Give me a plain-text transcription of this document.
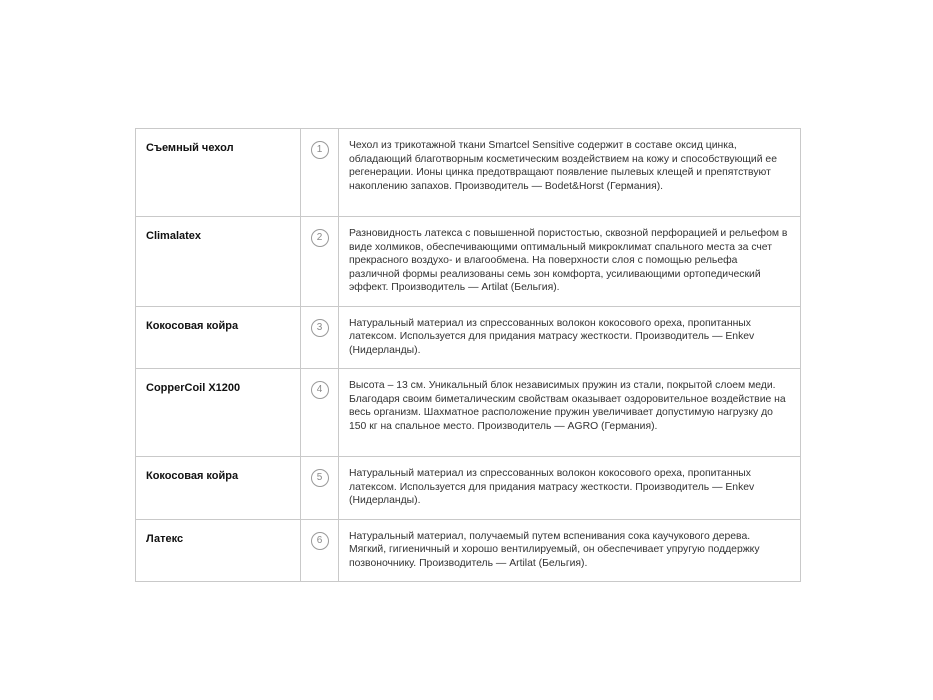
Съемный чехол	1	Чехол из трикотажной ткани Smartcel Sensitive содержит в составе оксид цинка, обладающий благотворным косметическим воздействием на кожу и способствующий ее регенерации. Ионы цинка предотвращают появление пылевых клещей и препятствуют накоплению запахов. Производитель — Bodet&Horst (Германия).
Climalatex	2	Разновидность латекса с повышенной пористостью, сквозной перфорацией и рельефом в виде холмиков, обеспечивающими оптимальный микроклимат спального места за счет прекрасного воздухо- и влагообмена. На поверхности слоя с помощью рельефа различной формы реализованы семь зон комфорта, усиливающими ортопедический эффект. Производитель — Artilat (Бельгия).
Кокосовая койра	3	Натуральный материал из спрессованных волокон кокосового ореха, пропитанных латексом. Используется для придания матрасу жесткости. Производитель — Enkev (Нидерланды).
CopperCoil X1200	4	Высота – 13 см. Уникальный блок независимых пружин из стали, покрытой слоем меди. Благодаря своим биметалическим свойствам оказывает оздоровительное воздействие на весь организм. Шахматное расположение пружин увеличивает допустимую нагрузку до 150 кг на спальное место. Производитель — AGRO (Германия).
Кокосовая койра	5	Натуральный материал из спрессованных волокон кокосового ореха, пропитанных латексом. Используется для придания матрасу жесткости. Производитель — Enkev (Нидерланды).
Латекс	6	Натуральный материал, получаемый путем вспенивания сока каучукового дерева. Мягкий, гигиеничный и хорошо вентилируемый, он обеспечивает упругую поддержку позвоночнику. Производитель — Artilat (Бельгия).
